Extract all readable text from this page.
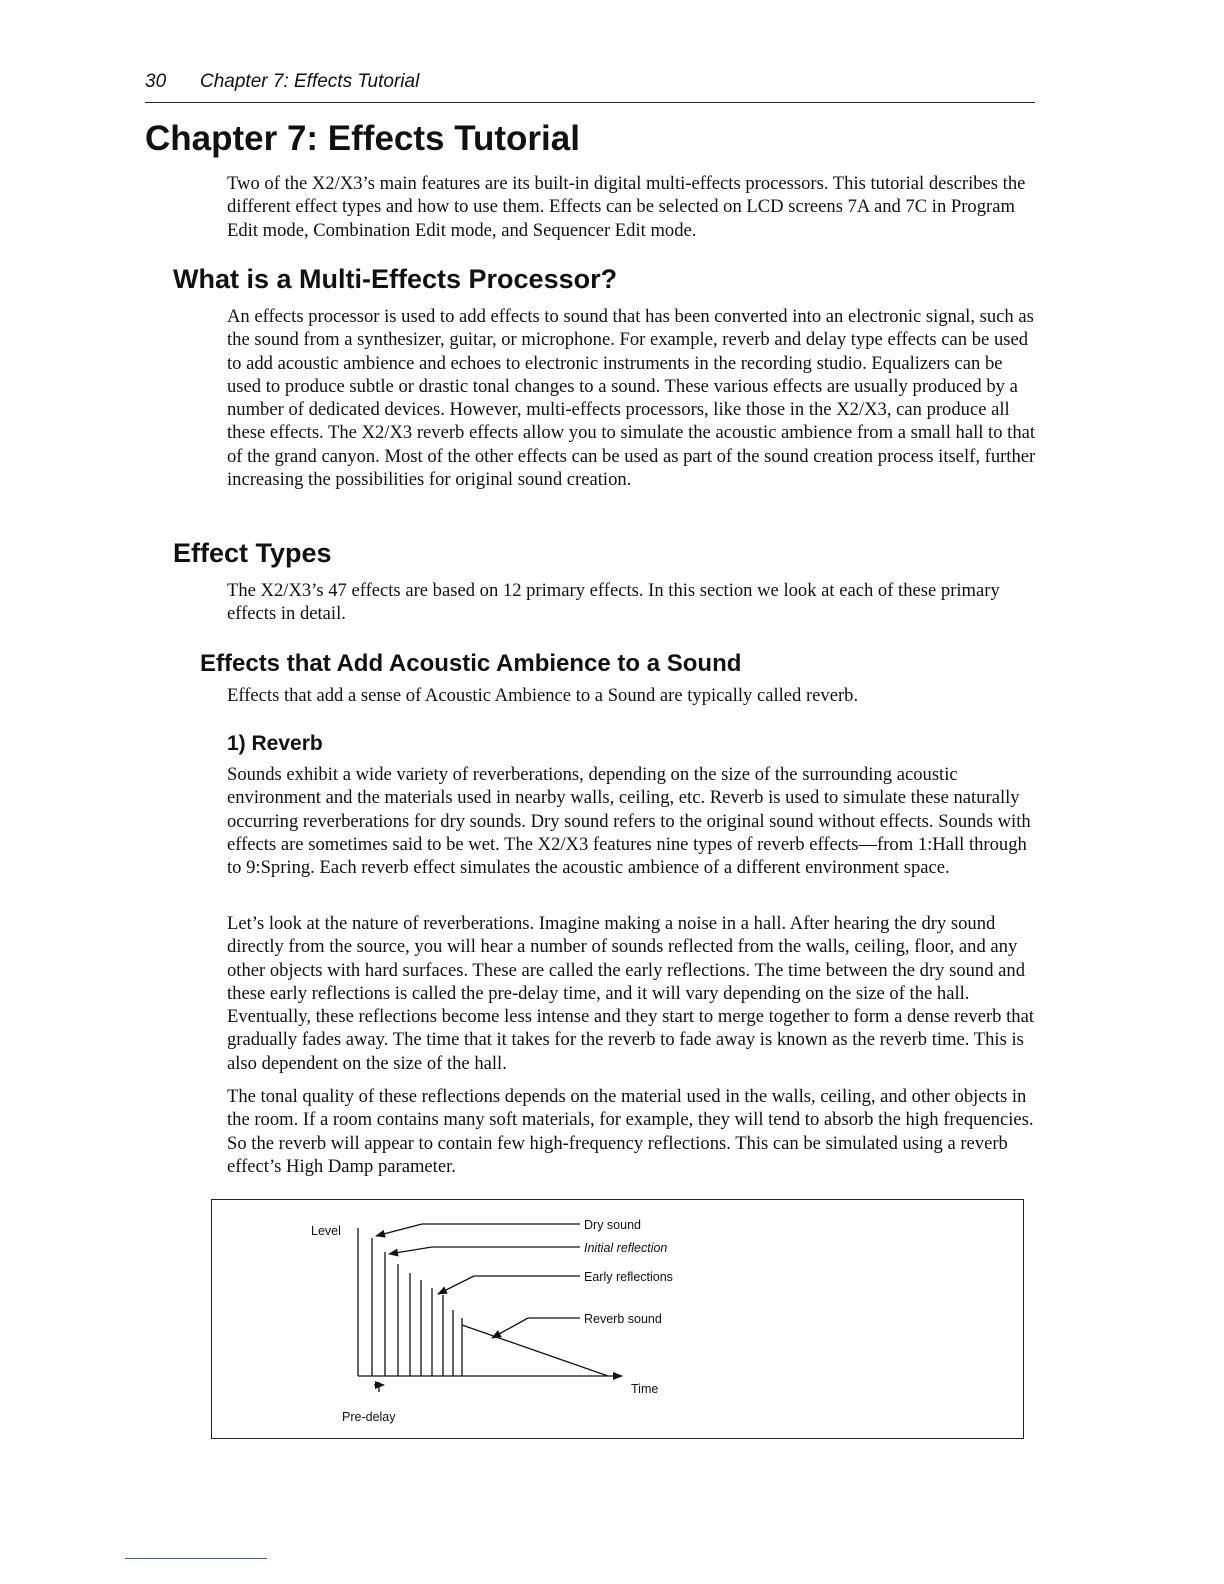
30 Chapter 7: Effects Tutorial
Chapter 7: Effects Tutorial

Two of the X2/X3’s main features are its built-in digital multi-effects processors. This tutorial describes the different effect types and how to use them. Effects can be selected on LCD screens 7A and 7C in Program Edit mode, Combination Edit mode, and Sequencer Edit mode.

What is a Multi-Effects Processor?

An effects processor is used to add effects to sound that has been converted into an electronic signal, such as the sound from a synthesizer, guitar, or microphone. For example, reverb and delay type effects can be used to add acoustic ambience and echoes to electronic instruments in the recording studio. Equalizers can be used to produce subtle or drastic tonal changes to a sound. These various effects are usually produced by a number of dedicated devices. However, multi-effects processors, like those in the X2/X3, can produce all these effects. The X2/X3 reverb effects allow you to simulate the acoustic ambience from a small hall to that of the grand canyon. Most of the other effects can be used as part of the sound creation process itself, further increasing the possibilities for original sound creation.

Effect Types

The X2/X3’s 47 effects are based on 12 primary effects. In this section we look at each of these primary effects in detail.

Effects that Add Acoustic Ambience to a Sound

Effects that add a sense of Acoustic Ambience to a Sound are typically called reverb.

1) Reverb

Sounds exhibit a wide variety of reverberations, depending on the size of the surrounding acoustic environment and the materials used in nearby walls, ceiling, etc. Reverb is used to simulate these naturally occurring reverberations for dry sounds. Dry sound refers to the original sound without effects. Sounds with effects are sometimes said to be wet. The X2/X3 features nine types of reverb effects—from 1:Hall through to 9:Spring. Each reverb effect simulates the acoustic ambience of a different environment space.

Let’s look at the nature of reverberations. Imagine making a noise in a hall. After hearing the dry sound directly from the source, you will hear a number of sounds reflected from the walls, ceiling, floor, and any other objects with hard surfaces. These are called the early reflections. The time between the dry sound and these early reflections is called the pre-delay time, and it will vary depending on the size of the hall. Eventually, these reflections become less intense and they start to merge together to form a dense reverb that gradually fades away. The time that it takes for the reverb to fade away is known as the reverb time. This is also dependent on the size of the hall.

The tonal quality of these reflections depends on the material used in the walls, ceiling, and other objects in the room. If a room contains many soft materials, for example, they will tend to absorb the high frequencies. So the reverb will appear to contain few high-frequency reflections. This can be simulated using a reverb effect’s High Damp parameter.

Level	Dry sound
Initial reflection
Early reflections
Reverb sound
Time
Pre-delay
